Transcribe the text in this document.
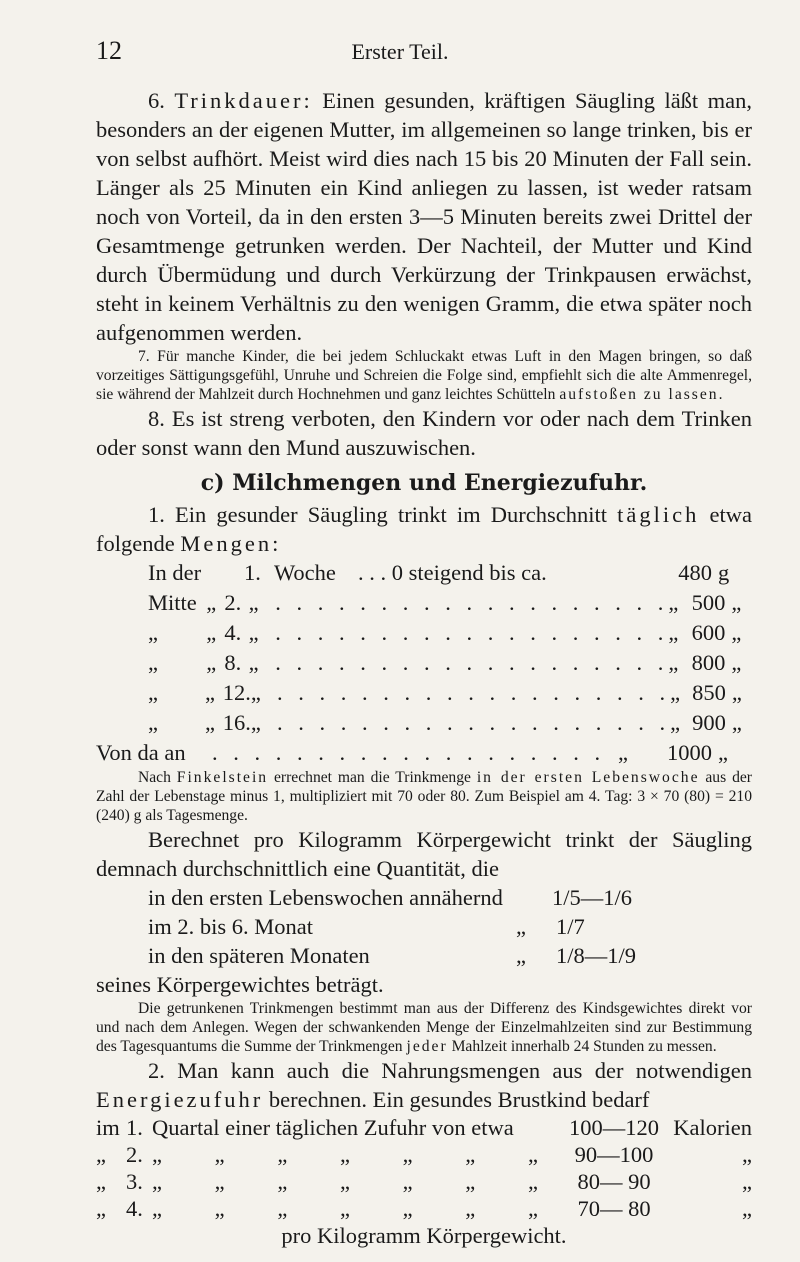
12	Erster Teil.

6. Trinkdauer: Einen gesunden, kräftigen Säugling läßt man, besonders an der eigenen Mutter, im allgemeinen so lange trinken, bis er von selbst aufhört. Meist wird dies nach 15 bis 20 Minuten der Fall sein. Länger als 25 Minuten ein Kind anliegen zu lassen, ist weder ratsam noch von Vorteil, da in den ersten 3—5 Minuten bereits zwei Drittel der Gesamtmenge getrunken werden. Der Nachteil, der Mutter und Kind durch Übermüdung und durch Verkürzung der Trinkpausen erwächst, steht in keinem Verhältnis zu den wenigen Gramm, die etwa später noch aufgenommen werden.

7. Für manche Kinder, die bei jedem Schluckakt etwas Luft in den Magen bringen, so daß vorzeitiges Sättigungsgefühl, Unruhe und Schreien die Folge sind, empfiehlt sich die alte Ammenregel, sie während der Mahlzeit durch Hochnehmen und ganz leichtes Schütteln aufstoßen zu lassen.

8. Es ist streng verboten, den Kindern vor oder nach dem Trinken oder sonst wann den Mund auszuwischen.

c) Milchmengen und Energiezufuhr.

1. Ein gesunder Säugling trinkt im Durchschnitt täglich etwa folgende Mengen:

In der	1. Woche . . . 0 steigend bis ca.	480 g
Mitte „ 2. „ . . . . . . . . . . . . . . . . . . . „ 500 „
„	„ 4. „ . . . . . . . . . . . . . . . . . . . „ 600 „
„	„ 8. „ . . . . . . . . . . . . . . . . . . . „ 800 „
„	„ 12. „ . . . . . . . . . . . . . . . . . . . „ 850 „
„	„ 16. „ . . . . . . . . . . . . . . . . . . . „ 900 „
Von da an	. . . . . . . . . . . . . . . . . . . „	1000 „

Nach Finkelstein errechnet man die Trinkmenge in der ersten Lebenswoche aus der Zahl der Lebenstage minus 1, multipliziert mit 70 oder 80. Zum Beispiel am 4. Tag: 3 × 70 (80) = 210 (240) g als Tagesmenge.

Berechnet pro Kilogramm Körpergewicht trinkt der Säugling demnach durchschnittlich eine Quantität, die

in den ersten Lebenswochen annähernd	1/5—1/6
im 2. bis 6. Monat	„	1/7
in den späteren Monaten	„	1/8—1/9
seines Körpergewichtes beträgt.

Die getrunkenen Trinkmengen bestimmt man aus der Differenz des Kindsgewichtes direkt vor und nach dem Anlegen. Wegen der schwankenden Menge der Einzelmahlzeiten sind zur Bestimmung des Tagesquantums die Summe der Trinkmengen jeder Mahlzeit innerhalb 24 Stunden zu messen.

2. Man kann auch die Nahrungsmengen aus der notwendigen Energiezufuhr berechnen. Ein gesundes Brustkind bedarf

im 1. Quartal einer täglichen Zufuhr von etwa	100—120 Kalorien
„ 2. „ „ „ „ „ „ „	90—100	„
„ 3. „ „ „ „ „ „ „	80— 90	„
„ 4. „ „ „ „ „ „ „	70— 80	„
pro Kilogramm Körpergewicht.
